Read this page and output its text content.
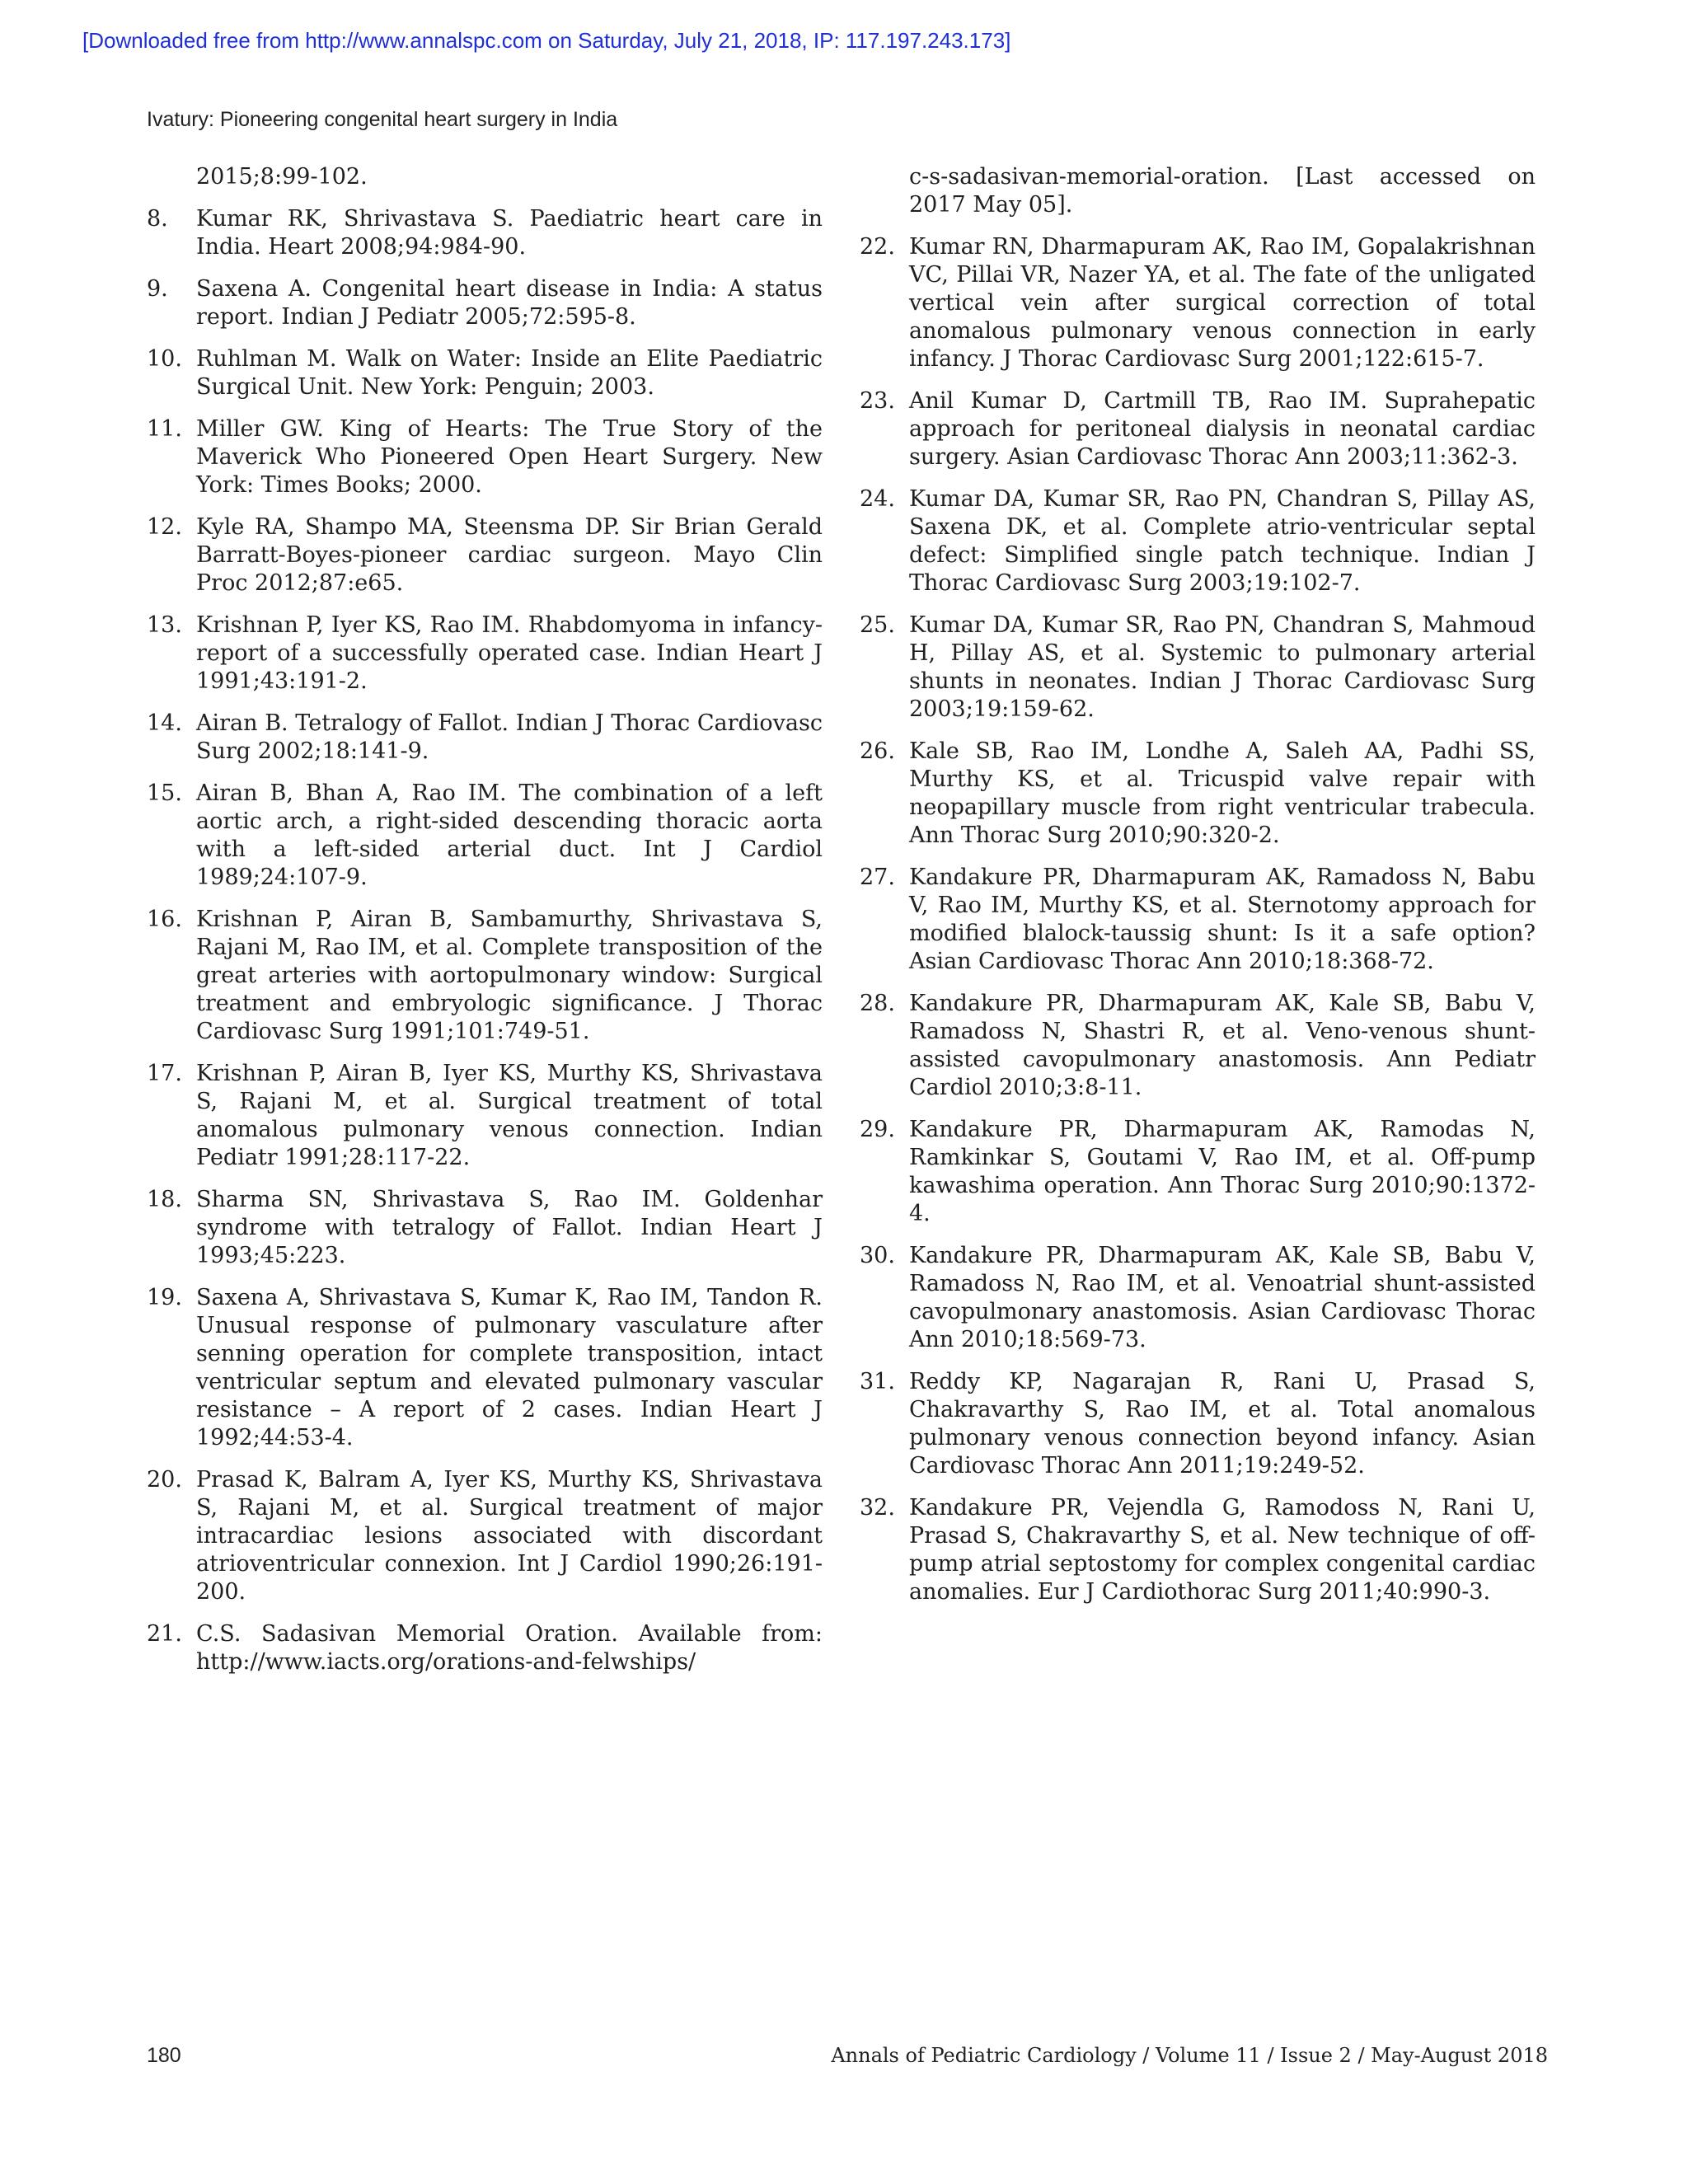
[Downloaded free from http://www.annalspc.com on Saturday, July 21, 2018, IP: 117.197.243.173]
Ivatury: Pioneering congenital heart surgery in India
2015;8:99-102.
8.	Kumar RK, Shrivastava S. Paediatric heart care in India. Heart 2008;94:984-90.
9.	Saxena A. Congenital heart disease in India: A status report. Indian J Pediatr 2005;72:595-8.
10. Ruhlman M. Walk on Water: Inside an Elite Paediatric Surgical Unit. New York: Penguin; 2003.
11. Miller GW. King of Hearts: The True Story of the Maverick Who Pioneered Open Heart Surgery. New York: Times Books; 2000.
12. Kyle RA, Shampo MA, Steensma DP. Sir Brian Gerald Barratt-Boyes-pioneer cardiac surgeon. Mayo Clin Proc 2012;87:e65.
13. Krishnan P, Iyer KS, Rao IM. Rhabdomyoma in infancy-report of a successfully operated case. Indian Heart J 1991;43:191-2.
14. Airan B. Tetralogy of Fallot. Indian J Thorac Cardiovasc Surg 2002;18:141-9.
15. Airan B, Bhan A, Rao IM. The combination of a left aortic arch, a right-sided descending thoracic aorta with a left-sided arterial duct. Int J Cardiol 1989;24:107-9.
16. Krishnan P, Airan B, Sambamurthy, Shrivastava S, Rajani M, Rao IM, et al. Complete transposition of the great arteries with aortopulmonary window: Surgical treatment and embryologic significance. J Thorac Cardiovasc Surg 1991;101:749-51.
17. Krishnan P, Airan B, Iyer KS, Murthy KS, Shrivastava S, Rajani M, et al. Surgical treatment of total anomalous pulmonary venous connection. Indian Pediatr 1991;28:117-22.
18. Sharma SN, Shrivastava S, Rao IM. Goldenhar syndrome with tetralogy of Fallot. Indian Heart J 1993;45:223.
19. Saxena A, Shrivastava S, Kumar K, Rao IM, Tandon R. Unusual response of pulmonary vasculature after senning operation for complete transposition, intact ventricular septum and elevated pulmonary vascular resistance – A report of 2 cases. Indian Heart J 1992;44:53-4.
20. Prasad K, Balram A, Iyer KS, Murthy KS, Shrivastava S, Rajani M, et al. Surgical treatment of major intracardiac lesions associated with discordant atrioventricular connexion. Int J Cardiol 1990;26:191-200.
21. C.S. Sadasivan Memorial Oration. Available from: http://www.iacts.org/orations-and-felwships/
c-s-sadasivan-memorial-oration. [Last accessed on 2017 May 05].
22. Kumar RN, Dharmapuram AK, Rao IM, Gopalakrishnan VC, Pillai VR, Nazer YA, et al. The fate of the unligated vertical vein after surgical correction of total anomalous pulmonary venous connection in early infancy. J Thorac Cardiovasc Surg 2001;122:615-7.
23. Anil Kumar D, Cartmill TB, Rao IM. Suprahepatic approach for peritoneal dialysis in neonatal cardiac surgery. Asian Cardiovasc Thorac Ann 2003;11:362-3.
24. Kumar DA, Kumar SR, Rao PN, Chandran S, Pillay AS, Saxena DK, et al. Complete atrio-ventricular septal defect: Simplified single patch technique. Indian J Thorac Cardiovasc Surg 2003;19:102-7.
25. Kumar DA, Kumar SR, Rao PN, Chandran S, Mahmoud H, Pillay AS, et al. Systemic to pulmonary arterial shunts in neonates. Indian J Thorac Cardiovasc Surg 2003;19:159-62.
26. Kale SB, Rao IM, Londhe A, Saleh AA, Padhi SS, Murthy KS, et al. Tricuspid valve repair with neopapillary muscle from right ventricular trabecula. Ann Thorac Surg 2010;90:320-2.
27. Kandakure PR, Dharmapuram AK, Ramadoss N, Babu V, Rao IM, Murthy KS, et al. Sternotomy approach for modified blalock-taussig shunt: Is it a safe option? Asian Cardiovasc Thorac Ann 2010;18:368-72.
28. Kandakure PR, Dharmapuram AK, Kale SB, Babu V, Ramadoss N, Shastri R, et al. Veno-venous shunt-assisted cavopulmonary anastomosis. Ann Pediatr Cardiol 2010;3:8-11.
29. Kandakure PR, Dharmapuram AK, Ramodas N, Ramkinkar S, Goutami V, Rao IM, et al. Off-pump kawashima operation. Ann Thorac Surg 2010;90:1372-4.
30. Kandakure PR, Dharmapuram AK, Kale SB, Babu V, Ramadoss N, Rao IM, et al. Venoatrial shunt-assisted cavopulmonary anastomosis. Asian Cardiovasc Thorac Ann 2010;18:569-73.
31. Reddy KP, Nagarajan R, Rani U, Prasad S, Chakravarthy S, Rao IM, et al. Total anomalous pulmonary venous connection beyond infancy. Asian Cardiovasc Thorac Ann 2011;19:249-52.
32. Kandakure PR, Vejendla G, Ramodoss N, Rani U, Prasad S, Chakravarthy S, et al. New technique of off-pump atrial septostomy for complex congenital cardiac anomalies. Eur J Cardiothorac Surg 2011;40:990-3.
180	Annals of Pediatric Cardiology / Volume 11 / Issue 2 / May-August 2018
